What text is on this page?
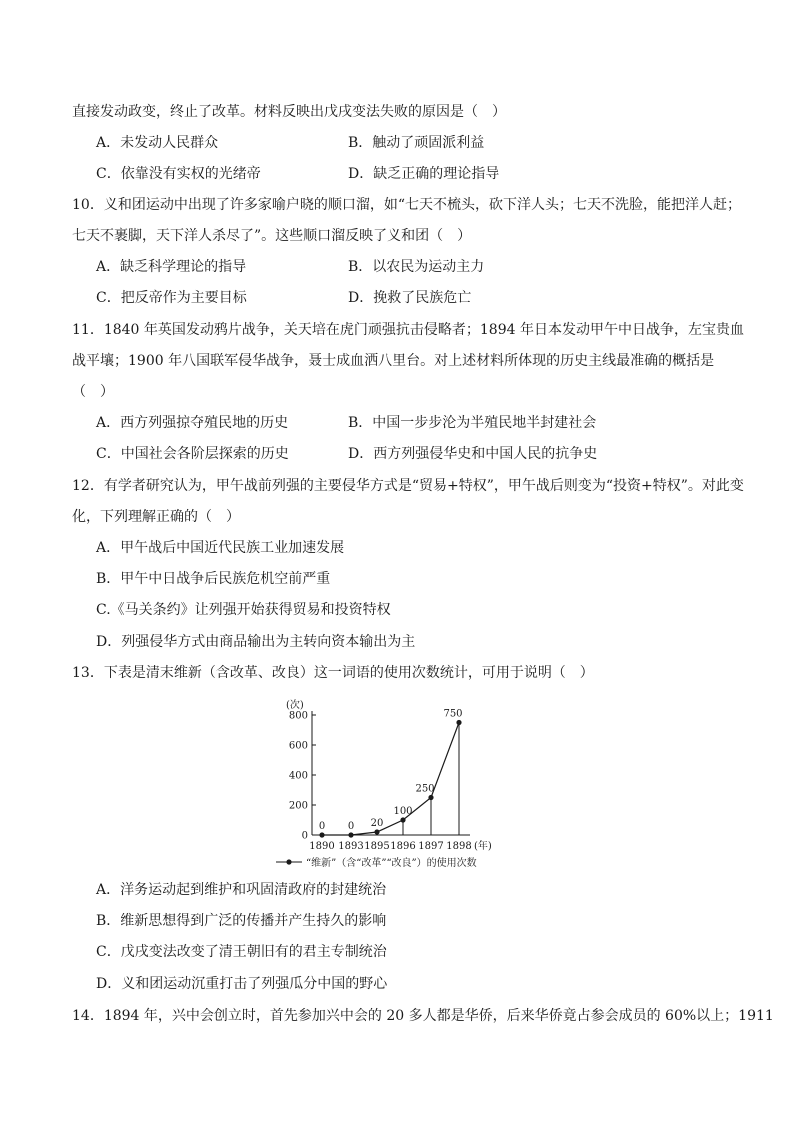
直接发动政变，终止了改革。材料反映出戊戌变法失败的原因是（　）
A．未发动人民群众	B．触动了顽固派利益
C．依靠没有实权的光绪帝	D．缺乏正确的理论指导
10．义和团运动中出现了许多家喻户晓的顺口溜，如“七天不梳头，砍下洋人头；七天不洗脸，能把洋人赶；
七天不裹脚，天下洋人杀尽了”。这些顺口溜反映了义和团（　）
A．缺乏科学理论的指导	B．以农民为运动主力
C．把反帝作为主要目标	D．挽救了民族危亡
11．1840 年英国发动鸦片战争，关天培在虎门顽强抗击侵略者；1894 年日本发动甲午中日战争，左宝贵血
战平壤；1900 年八国联军侵华战争，聂士成血洒八里台。对上述材料所体现的历史主线最准确的概括是
（　）
A．西方列强掠夺殖民地的历史	B．中国一步步沦为半殖民地半封建社会
C．中国社会各阶层探索的历史	D．西方列强侵华史和中国人民的抗争史
12．有学者研究认为，甲午战前列强的主要侵华方式是“贸易+特权”，甲午战后则变为“投资+特权”。对此变
化，下列理解正确的（　）
A．甲午战后中国近代民族工业加速发展
B．甲午中日战争后民族危机空前严重
C.《马关条约》让列强开始获得贸易和投资特权
D．列强侵华方式由商品输出为主转向资本输出为主
13．下表是清末维新（含改革、改良）这一词语的使用次数统计，可用于说明（　）
(次)
(年)
0
200
400
600
800
1890 1893 1895 1896 1897 1898
0 0 20
100
250
750
“维新”（含“改革”“改良”）的使用次数
A．洋务运动起到维护和巩固清政府的封建统治
B．维新思想得到广泛的传播并产生持久的影响
C．戊戌变法改变了清王朝旧有的君主专制统治
D．义和团运动沉重打击了列强瓜分中国的野心
14．1894 年，兴中会创立时，首先参加兴中会的 20 多人都是华侨，后来华侨竟占参会成员的 60%以上；1911
